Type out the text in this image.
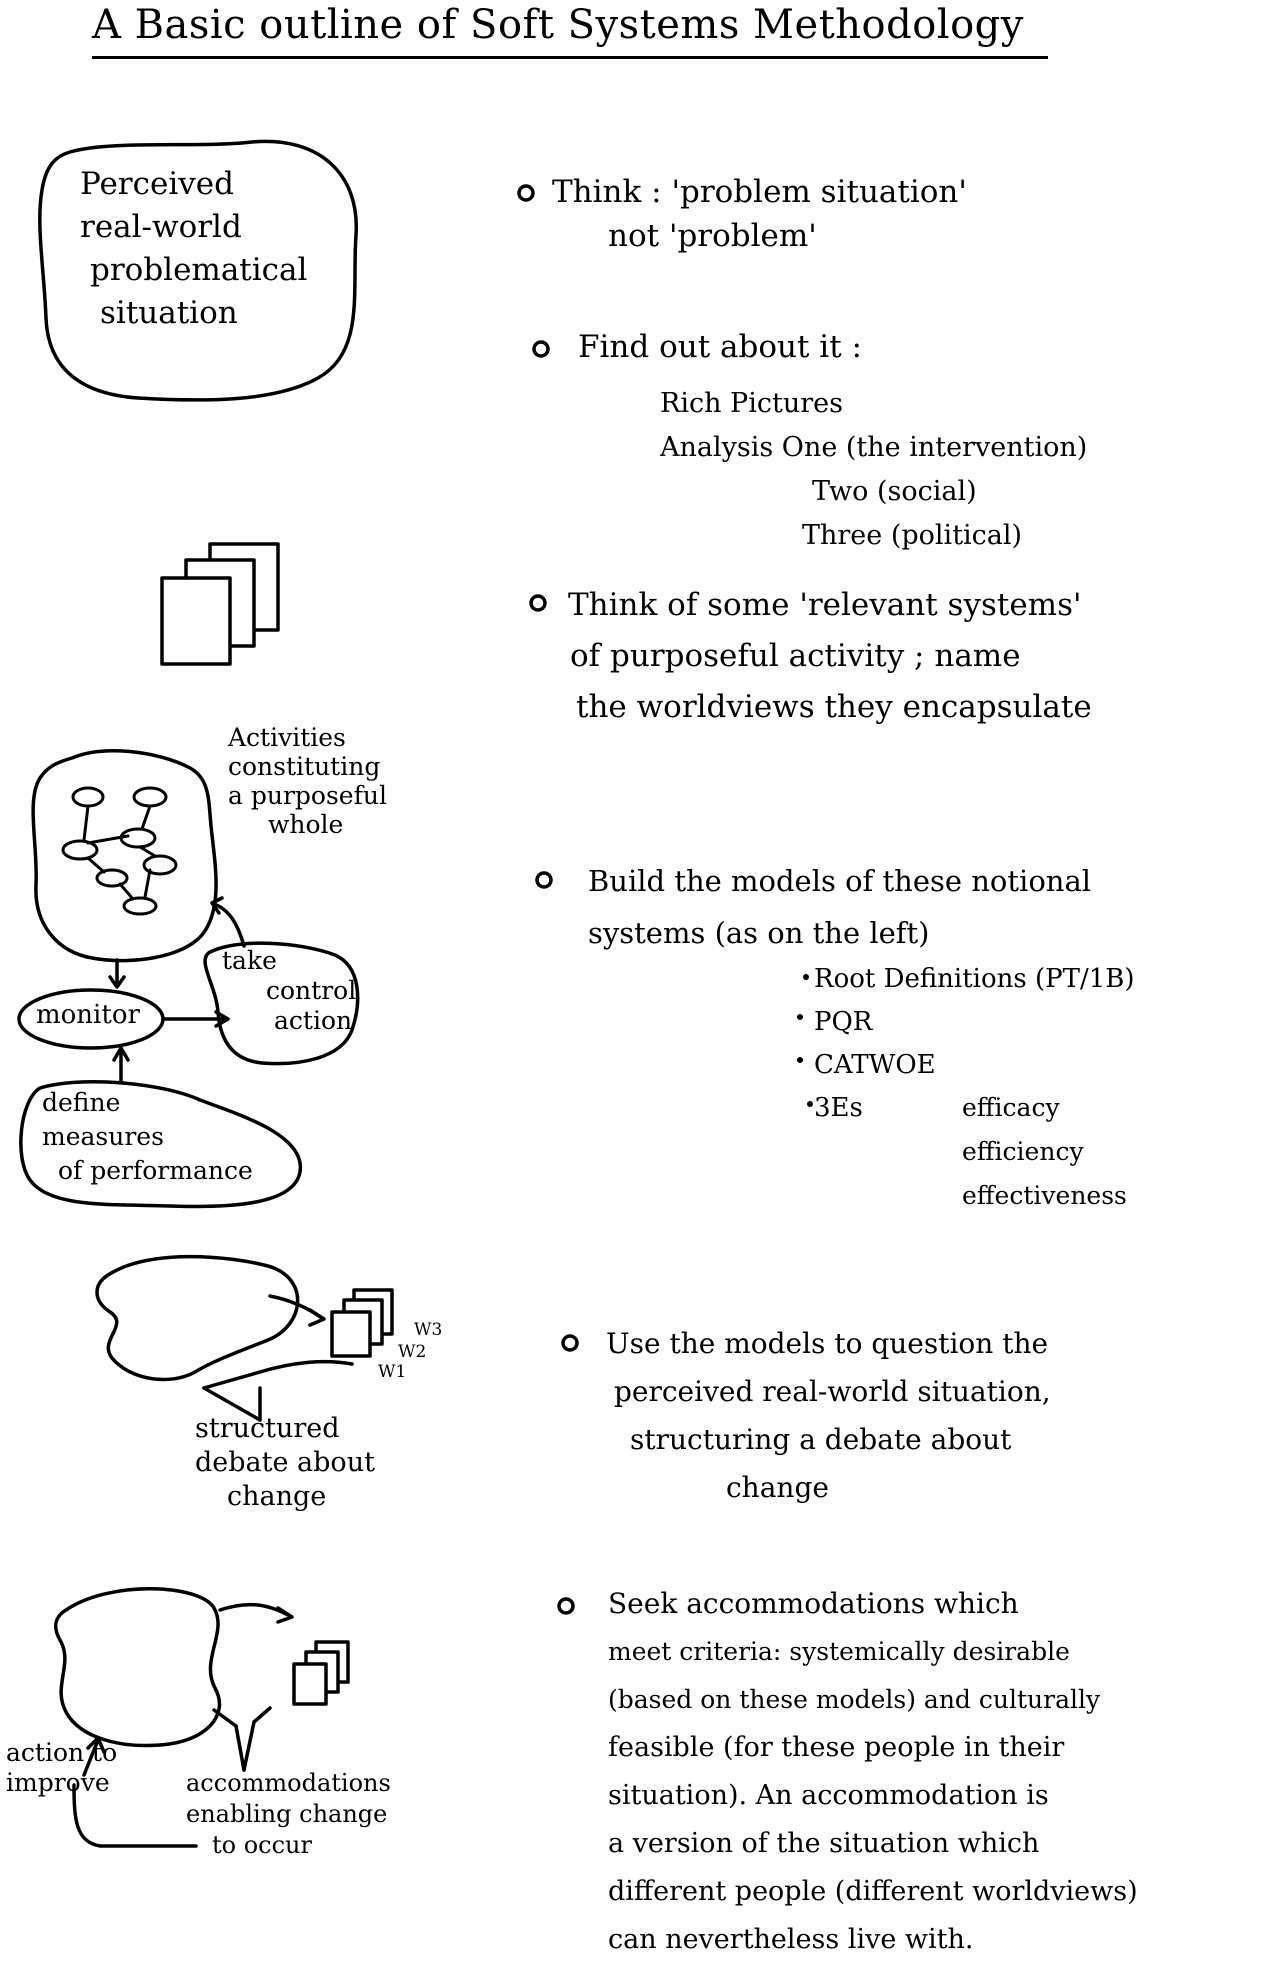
A Basic outline of Soft Systems Methodology
Perceived
real-world
problematical
situation
Activities
constituting
a purposeful
whole
monitor
take
control
action
define
measures
of performance
W3
W2
W1
structured
debate about
change
action to
improve	accommodations
enabling change
to occur
Think : 'problem situation'
not 'problem'
Find out about it :
Rich Pictures
Analysis One (the intervention)
Two (social)
Three (political)
Think of some 'relevant systems'
of purposeful activity ; name
the worldviews they encapsulate
Build the models of these notional
systems (as on the left)
Root Definitions (PT/1B)
PQR
CATWOE
3Es	efficacy
efficiency
effectiveness
Use the models to question the
perceived real-world situation,
structuring a debate about
change
Seek accommodations which
meet criteria: systemically desirable
(based on these models) and culturally
feasible (for these people in their
situation). An accommodation is
a version of the situation which
different people (different worldviews)
can nevertheless live with.
